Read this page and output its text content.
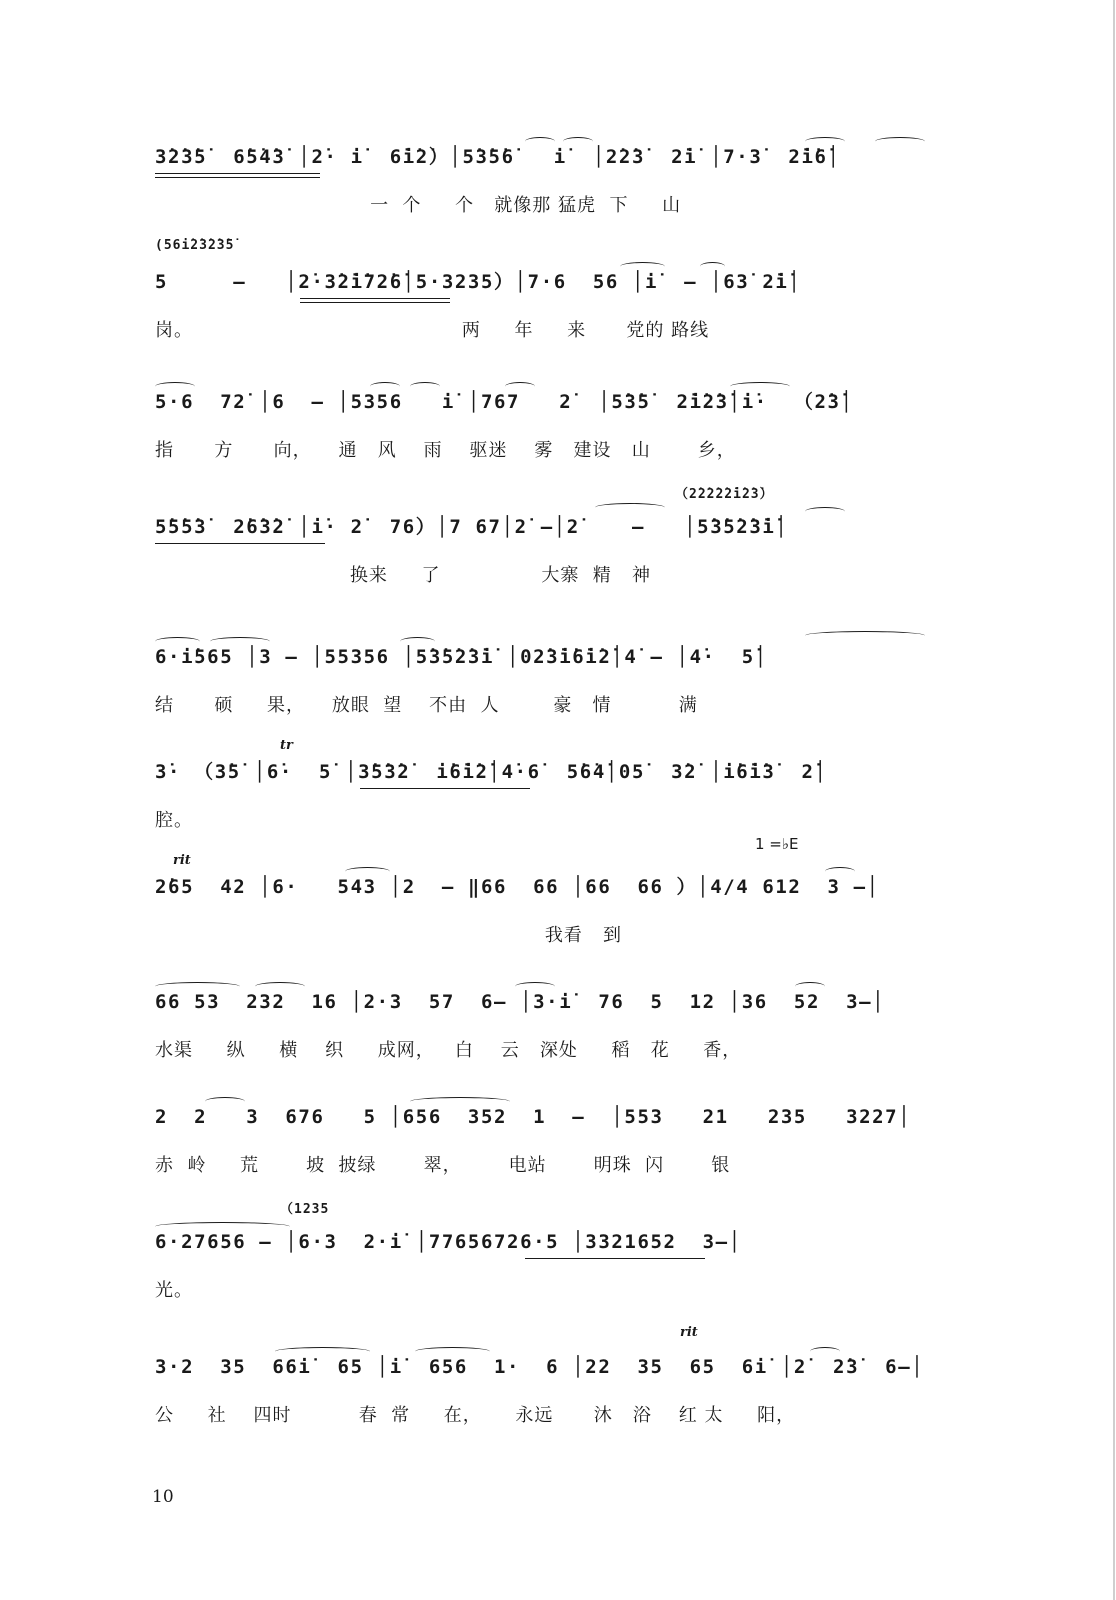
3̇2̇3̇5̇  6̇5̇4̇3̇ │2̇· i̇  6̇i̇2̇）│5̇3̇5̇6̇   i̇  │2̇2̇3̇  2̇i̇ │7·3̇  2̇i̇6̇│
一  个     个   就像那 猛虎  下     山
(56i̇2̇3̇2̇3̇5̇
5     —   │2̇·3̇2̇i̇72̇6̇│5·3235）│7·6  56 │i̇  — │63̇ 2̇i̇│
岗。                                        两     年     来      党的 路线
5·6  72̇ │6  — │5356   i̇ │767   2̇  │5̇3̇5̇  2̇i̇2̇3̇│i̇·  （2̇3̇│
指      方      向，    通   风    雨    驱迷    雾   建设   山       乡，
（2̇2̇2̇2̇2̇i̇2̇3̇）
5̇5̇5̇3̇  2̇6̇3̇2̇ │i̇· 2̇  76）│7 67│2̇ —│2̇    —   │5̇3̇5̇2̇3̇i̇│
换来     了               大寨  精   神
6·i̇565 │3 — │55356 │5̇3̇5̇2̇3̇i̇ │02̇3̇i̇6̇i̇2̇│4̇ — │4̇·  5̇│
结      硕     果，    放眼  望    不由  人        豪   情          满
tr
3̇· （3̇5̇ │6̇·  5̇ │3̇5̇3̇2̇  i̇6̇i̇2̇│4̇·6̇  5̇6̇4̇│05̇  3̇2̇ │i̇6̇i̇3̇  2̇│
腔。
rit
1 =♭E
2̇65  42 │6·   543 │2  — ‖66  66 │66  66 ）│4/4 612  3 —│
我看   到
66 53  232  16 │2·3  57  6— │3·i̇  76  5  12 │36  52  3—│
水渠     纵     横    织     成网，   白    云   深处     稻   花     香，
2  2   3  676   5 │656  352  1  —  │553   21   235   3227│
赤  岭     荒       坡  披绿       翠，       电站       明珠  闪       银
（1235
6·27656 — │6·3  2·i̇ │77656726·5 │3321652  3—│
光。
rit
3·2  35  66i̇  65 │i̇  656  1·  6 │22  35  65  6i̇ │2̇  2̇3̇  6—│
公     社    四时          春  常     在，     永远      沐   浴    红 太     阳，
10
